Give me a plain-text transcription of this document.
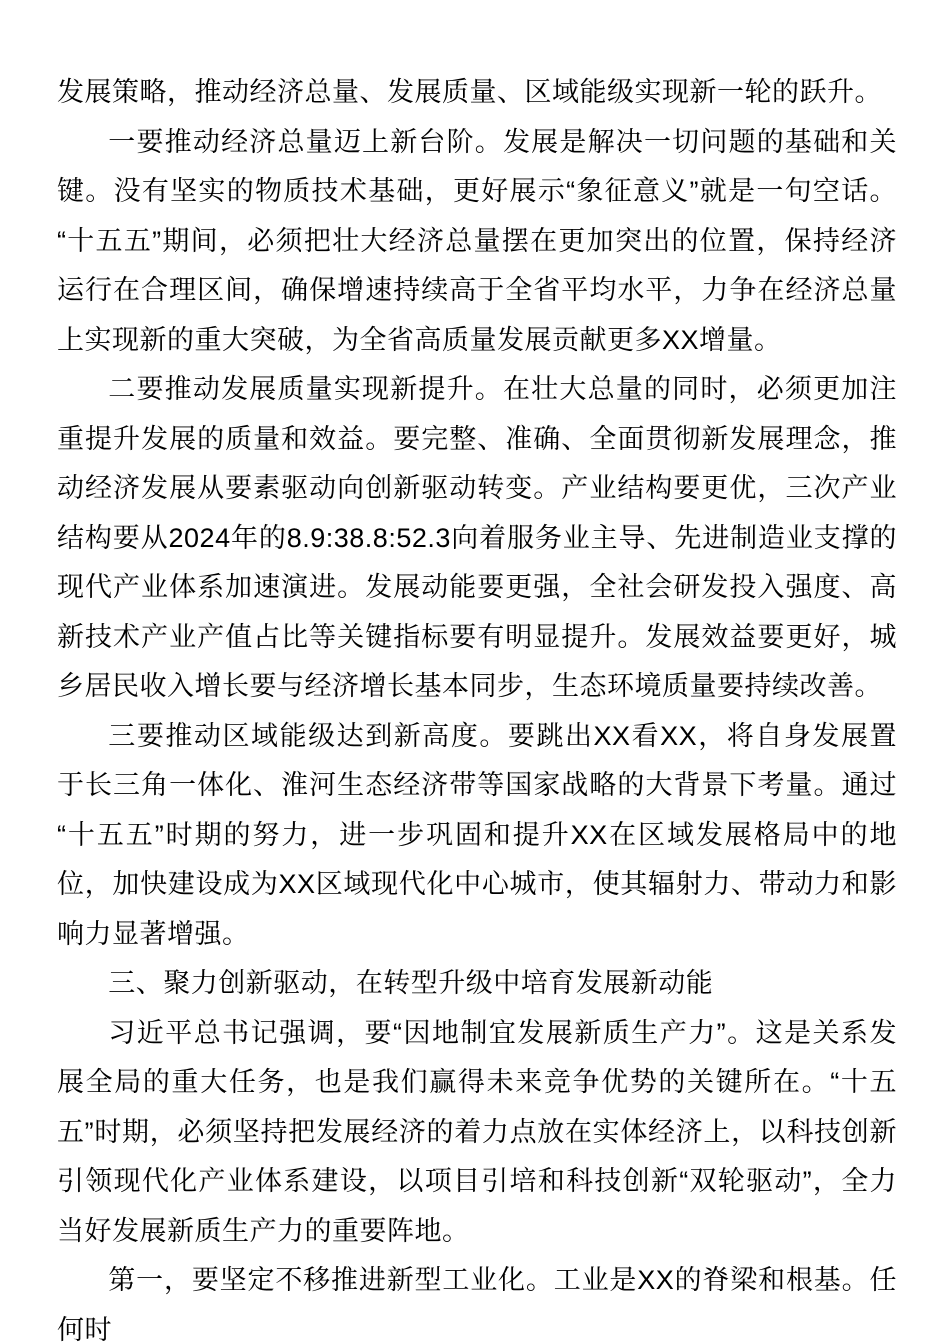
发展策略，推动经济总量、发展质量、区域能级实现新一轮的跃升。

一要推动经济总量迈上新台阶。发展是解决一切问题的基础和关键。没有坚实的物质技术基础，更好展示“象征意义”就是一句空话。“十五五”期间，必须把壮大经济总量摆在更加突出的位置，保持经济运行在合理区间，确保增速持续高于全省平均水平，力争在经济总量上实现新的重大突破，为全省高质量发展贡献更多XX增量。

二要推动发展质量实现新提升。在壮大总量的同时，必须更加注重提升发展的质量和效益。要完整、准确、全面贯彻新发展理念，推动经济发展从要素驱动向创新驱动转变。产业结构要更优，三次产业结构要从2024年的8.9:38.8:52.3向着服务业主导、先进制造业支撑的现代产业体系加速演进。发展动能要更强，全社会研发投入强度、高新技术产业产值占比等关键指标要有明显提升。发展效益要更好，城乡居民收入增长要与经济增长基本同步，生态环境质量要持续改善。

三要推动区域能级达到新高度。要跳出XX看XX，将自身发展置于长三角一体化、淮河生态经济带等国家战略的大背景下考量。通过“十五五”时期的努力，进一步巩固和提升XX在区域发展格局中的地位，加快建设成为XX区域现代化中心城市，使其辐射力、带动力和影响力显著增强。

三、聚力创新驱动，在转型升级中培育发展新动能

习近平总书记强调，要“因地制宜发展新质生产力”。这是关系发展全局的重大任务，也是我们赢得未来竞争优势的关键所在。“十五五”时期，必须坚持把发展经济的着力点放在实体经济上，以科技创新引领现代化产业体系建设，以项目引培和科技创新“双轮驱动”，全力当好发展新质生产力的重要阵地。

第一，要坚定不移推进新型工业化。工业是XX的脊梁和根基。任何时
